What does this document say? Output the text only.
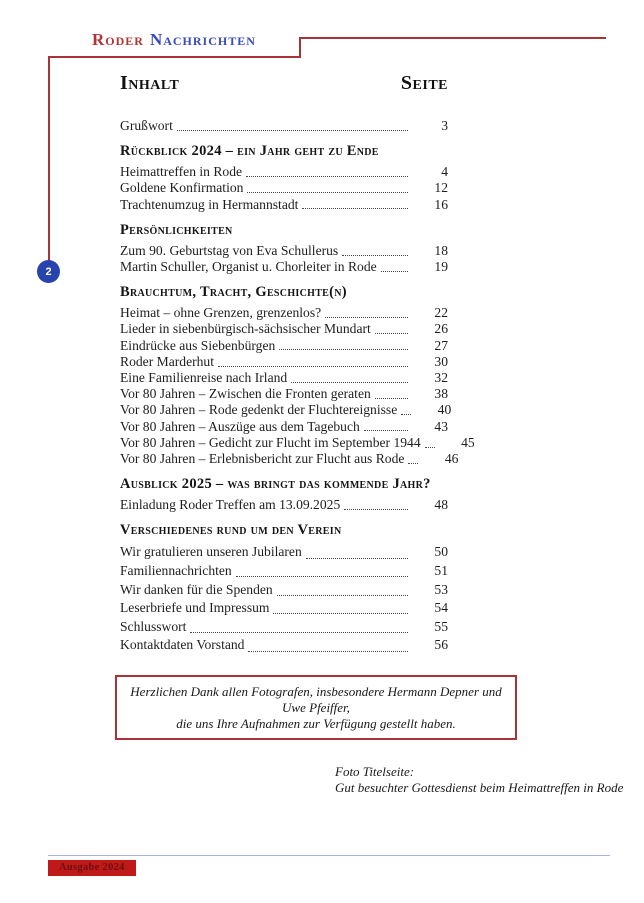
Roder Nachrichten
2
Inhalt	Seite
Grußwort	3
Rückblick 2024 – ein Jahr geht zu Ende
Heimattreffen in Rode	4
Goldene Konfirmation	12
Trachtenumzug in Hermannstadt	16
Persönlichkeiten
Zum 90. Geburtstag von Eva Schullerus	18
Martin Schuller, Organist u. Chorleiter in Rode	19
Brauchtum, Tracht, Geschichte(n)
Heimat – ohne Grenzen, grenzenlos?	22
Lieder in siebenbürgisch-sächsischer Mundart	26
Eindrücke aus Siebenbürgen	27
Roder Marderhut	30
Eine Familienreise nach Irland	32
Vor 80 Jahren – Zwischen die Fronten geraten	38
Vor 80 Jahren – Rode gedenkt der Fluchtereignisse	40
Vor 80 Jahren – Auszüge aus dem Tagebuch	43
Vor 80 Jahren – Gedicht zur Flucht im September 1944	45
Vor 80 Jahren – Erlebnisbericht zur Flucht aus Rode	46
Ausblick 2025 – was bringt das kommende Jahr?
Einladung Roder Treffen am 13.09.2025	48
Verschiedenes rund um den Verein
Wir gratulieren unseren Jubilaren	50
Familiennachrichten	51
Wir danken für die Spenden	53
Leserbriefe und Impressum	54
Schlusswort	55
Kontaktdaten Vorstand	56
Herzlichen Dank allen Fotografen, insbesondere Hermann Depner und Uwe Pfeiffer,
die uns Ihre Aufnahmen zur Verfügung gestellt haben.
Foto Titelseite:
Gut besuchter Gottesdienst beim Heimattreffen in Rode
Ausgabe 2024
